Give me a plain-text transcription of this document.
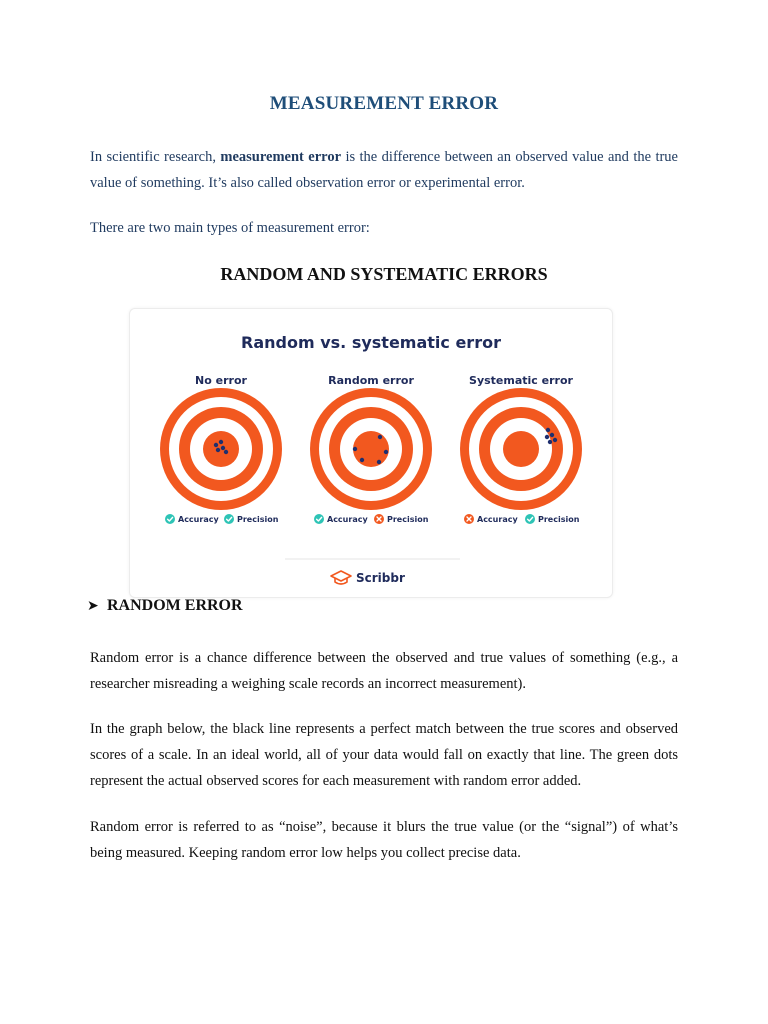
MEASUREMENT ERROR

In scientific research, measurement error is the difference between an observed value and the true value of something. It’s also called observation error or experimental error.

There are two main types of measurement error:

RANDOM AND SYSTEMATIC ERRORS
Random vs. systematic error
No error	Random error	Systematic error
Accuracy Precision	Accuracy Precision	Accuracy	Precision
Scribbr
➤ RANDOM ERROR

Random error is a chance difference between the observed and true values of something (e.g., a researcher misreading a weighing scale records an incorrect measurement).

In the graph below, the black line represents a perfect match between the true scores and observed scores of a scale. In an ideal world, all of your data would fall on exactly that line. The green dots represent the actual observed scores for each measurement with random error added.

Random error is referred to as “noise”, because it blurs the true value (or the “signal”) of what’s being measured. Keeping random error low helps you collect precise data.
